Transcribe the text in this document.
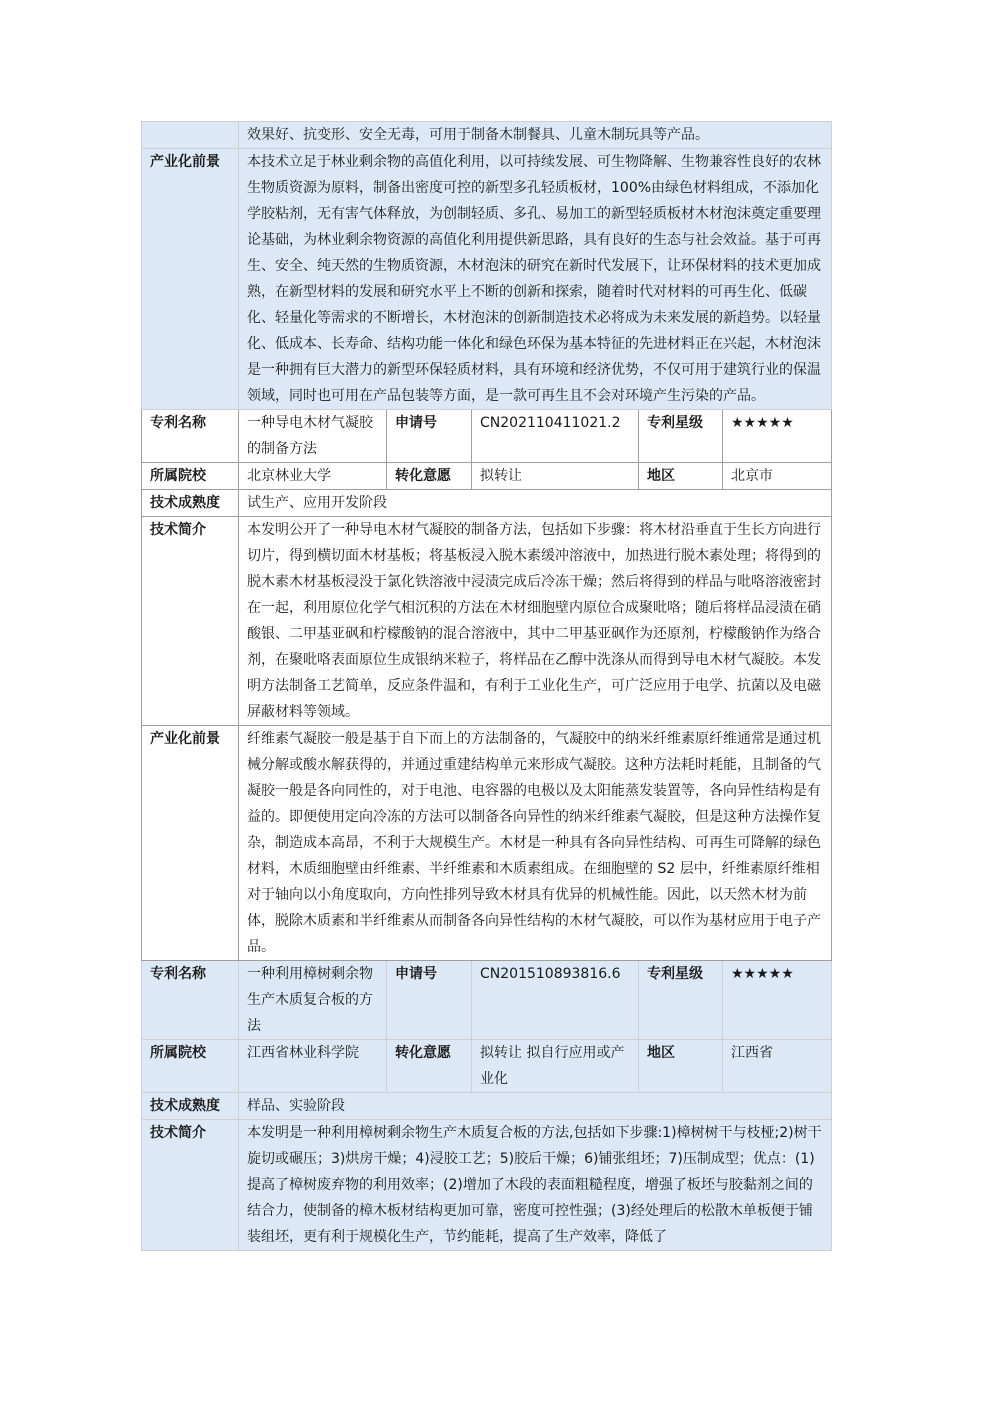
	效果好、抗变形、安全无毒，可用于制备木制餐具、儿童木制玩具等产品。				
产业化前景	本技术立足于林业剩余物的高值化利用，以可持续发展、可生物降解、生物兼容性良好的农林生物质资源为原料，制备出密度可控的新型多孔轻质板材，100%由绿色材料组成，不添加化学胶粘剂，无有害气体释放，为创制轻质、多孔、易加工的新型轻质板材木材泡沫奠定重要理论基础，为林业剩余物资源的高值化利用提供新思路，具有良好的生态与社会效益。基于可再生、安全、纯天然的生物质资源，木材泡沫的研究在新时代发展下，让环保材料的技术更加成熟，在新型材料的发展和研究水平上不断的创新和探索，随着时代对材料的可再生化、低碳化、轻量化等需求的不断增长，木材泡沫的创新制造技术必将成为未来发展的新趋势。以轻量化、低成本、长寿命、结构功能一体化和绿色环保为基本特征的先进材料正在兴起，木材泡沫是一种拥有巨大潜力的新型环保轻质材料，具有环境和经济优势，不仅可用于建筑行业的保温领域，同时也可用在产品包装等方面，是一款可再生且不会对环境产生污染的产品。				
专利名称	一种导电木材气凝胶的制备方法	申请号	CN202110411021.2	专利星级	★★★★★
所属院校	北京林业大学	转化意愿	拟转让	地区	北京市
技术成熟度	试生产、应用开发阶段				
技术简介	本发明公开了一种导电木材气凝胶的制备方法，包括如下步骤：将木材沿垂直于生长方向进行切片，得到横切面木材基板；将基板浸入脱木素缓冲溶液中，加热进行脱木素处理；将得到的脱木素木材基板浸没于氯化铁溶液中浸渍完成后冷冻干燥；然后将得到的样品与吡咯溶液密封在一起，利用原位化学气相沉积的方法在木材细胞壁内原位合成聚吡咯；随后将样品浸渍在硝酸银、二甲基亚砜和柠檬酸钠的混合溶液中，其中二甲基亚砜作为还原剂，柠檬酸钠作为络合剂，在聚吡咯表面原位生成银纳米粒子，将样品在乙醇中洗涤从而得到导电木材气凝胶。本发明方法制备工艺简单，反应条件温和，有利于工业化生产，可广泛应用于电学、抗菌以及电磁屏蔽材料等领域。				
产业化前景	纤维素气凝胶一般是基于自下而上的方法制备的，气凝胶中的纳米纤维素原纤维通常是通过机械分解或酸水解获得的，并通过重建结构单元来形成气凝胶。这种方法耗时耗能，且制备的气凝胶一般是各向同性的，对于电池、电容器的电极以及太阳能蒸发装置等，各向异性结构是有益的。即便使用定向冷冻的方法可以制备各向异性的纳米纤维素气凝胶，但是这种方法操作复杂，制造成本高昂，不利于大规模生产。木材是一种具有各向异性结构、可再生可降解的绿色材料，木质细胞壁由纤维素、半纤维素和木质素组成。在细胞壁的 S2 层中，纤维素原纤维相对于轴向以小角度取向，方向性排列导致木材具有优异的机械性能。因此，以天然木材为前体，脱除木质素和半纤维素从而制备各向异性结构的木材气凝胶，可以作为基材应用于电子产品。				
专利名称	一种利用樟树剩余物生产木质复合板的方法	申请号	CN201510893816.6	专利星级	★★★★★
所属院校	江西省林业科学院	转化意愿	拟转让 拟自行应用或产业化	地区	江西省
技术成熟度	样品、实验阶段				
技术简介	本发明是一种利用樟树剩余物生产木质复合板的方法,包括如下步骤:1)樟树树干与枝桠;2)树干旋切或碾压；3)烘房干燥；4)浸胶工艺；5)胶后干燥；6)铺张组坯；7)压制成型；优点：(1)提高了樟树废弃物的利用效率；(2)增加了木段的表面粗糙程度，增强了板坯与胶黏剂之间的结合力，使制备的樟木板材结构更加可靠，密度可控性强；(3)经处理后的松散木单板便于铺装组坯，更有利于规模化生产，节约能耗，提高了生产效率，降低了				
